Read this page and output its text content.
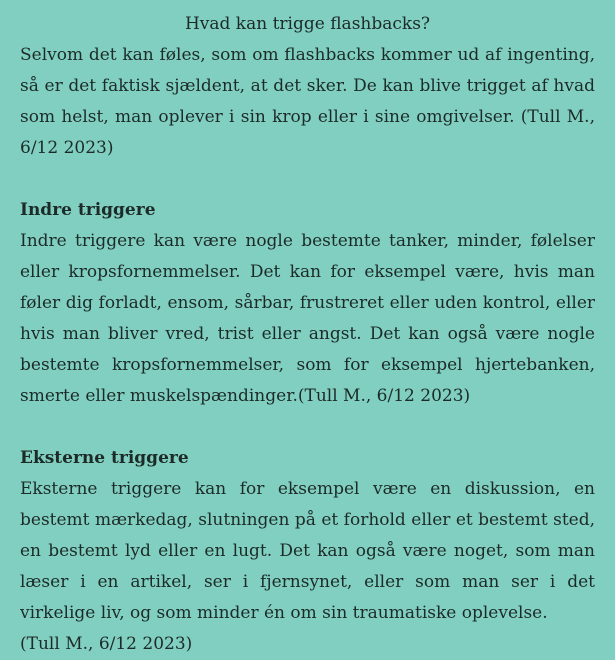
Hvad kan trigge flashbacks?

Selvom det kan føles, som om flashbacks kommer ud af ingenting, så er det faktisk sjældent, at det sker. De kan blive trigget af hvad som helst, man oplever i sin krop eller i sine omgivelser. (Tull M., 6/12 2023)

Indre triggere

Indre triggere kan være nogle bestemte tanker, minder, følelser eller kropsfornemmelser. Det kan for eksempel være, hvis man føler dig forladt, ensom, sårbar, frustreret eller uden kontrol, eller hvis man bliver vred, trist eller angst. Det kan også være nogle bestemte kropsfornemmelser, som for eksempel hjertebanken, smerte eller muskelspændinger.(Tull M., 6/12 2023)

Eksterne triggere

Eksterne triggere kan for eksempel være en diskussion, en bestemt mærkedag, slutningen på et forhold eller et bestemt sted, en bestemt lyd eller en lugt. Det kan også være noget, som man læser i en artikel, ser i fjernsynet, eller som man ser i det virkelige liv, og som minder én om sin traumatiske oplevelse.

(Tull M., 6/12 2023)
